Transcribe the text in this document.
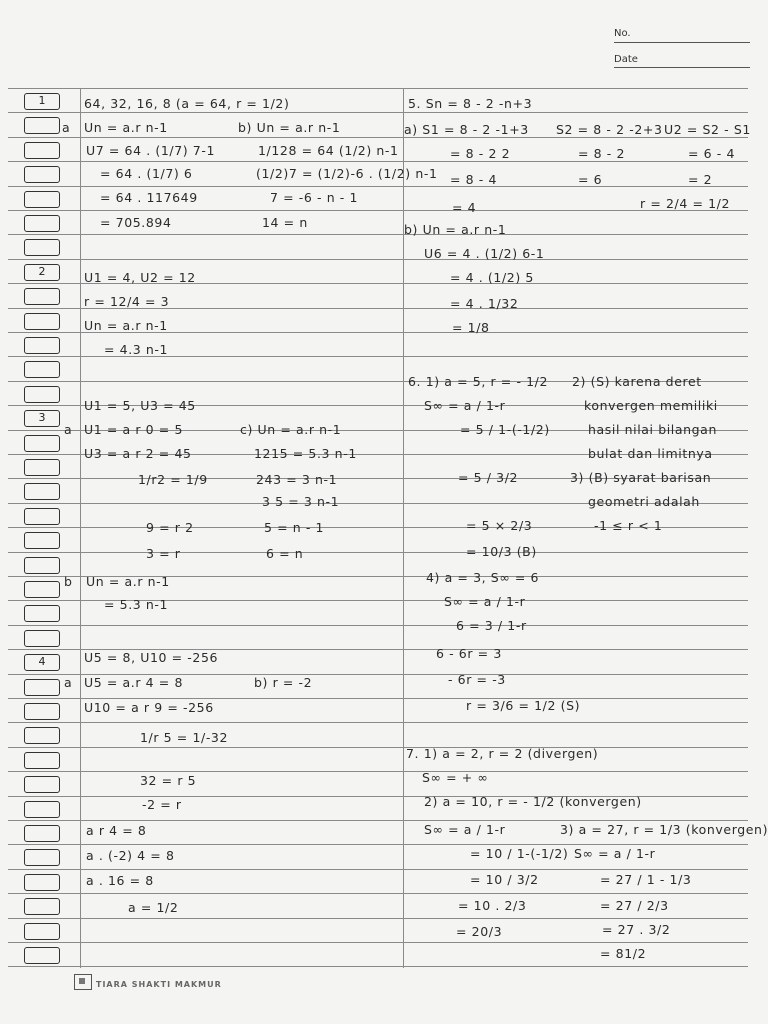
No.
Date
1
2
3
4
a
64, 32, 16, 8 (a = 64, r = 1/2)
Un = a.r n-1	b) Un = a.r n-1
U7 = 64 . (1/7) 7-1	1/128 = 64 (1/2) n-1
= 64 . (1/7) 6	(1/2)7 = (1/2)-6 . (1/2) n-1
= 64 . 117649	7 = -6 - n - 1
= 705.894	14 = n
U1 = 4, U2 = 12
r = 12/4 = 3
Un = a.r n-1
= 4.3 n-1
U1 = 5, U3 = 45
a U1 = a r 0 = 5	c) Un = a.r n-1
U3 = a r 2 = 45	1215 = 5.3 n-1
1/r2 = 1/9	243 = 3 n-1
3 5 = 3 n-1
9 = r 2	5 = n - 1
3 = r	6 = n
b Un = a.r n-1
= 5.3 n-1
U5 = 8, U10 = -256
a U5 = a.r 4 = 8	b) r = -2
U10 = a r 9 = -256
1/r 5 = 1/-32
32 = r 5
-2 = r
a r 4 = 8
a . (-2) 4 = 8
a . 16 = 8
a = 1/2
5. Sn = 8 - 2 -n+3
a) S1 = 8 - 2 -1+3 S2 = 8 - 2 -2+3 U2 = S2 - S1
= 8 - 2 2	= 8 - 2	= 6 - 4
= 8 - 4	= 6	= 2
= 4	r = 2/4 = 1/2
b) Un = a.r n-1
U6 = 4 . (1/2) 6-1
= 4 . (1/2) 5
= 4 . 1/32
= 1/8
6. 1) a = 5, r = - 1/2 2) (S) karena deret
S∞ = a / 1-r	konvergen memiliki
= 5 / 1-(-1/2)	hasil nilai bilangan
bulat dan limitnya
= 5 / 3/2	3) (B) syarat barisan
geometri adalah
= 5 × 2/3	-1 ≤ r < 1
= 10/3 (B)
4) a = 3, S∞ = 6
S∞ = a / 1-r
6 = 3 / 1-r
6 - 6r = 3
- 6r = -3
r = 3/6 = 1/2 (S)
7. 1) a = 2, r = 2 (divergen)
S∞ = + ∞
2) a = 10, r = - 1/2 (konvergen)
S∞ = a / 1-r	3) a = 27, r = 1/3 (konvergen)
= 10 / 1-(-1/2) S∞ = a / 1-r
= 10 / 3/2	= 27 / 1 - 1/3
= 10 . 2/3	= 27 / 2/3
= 20/3	= 27 . 3/2
= 81/2
TIARA SHAKTI MAKMUR
